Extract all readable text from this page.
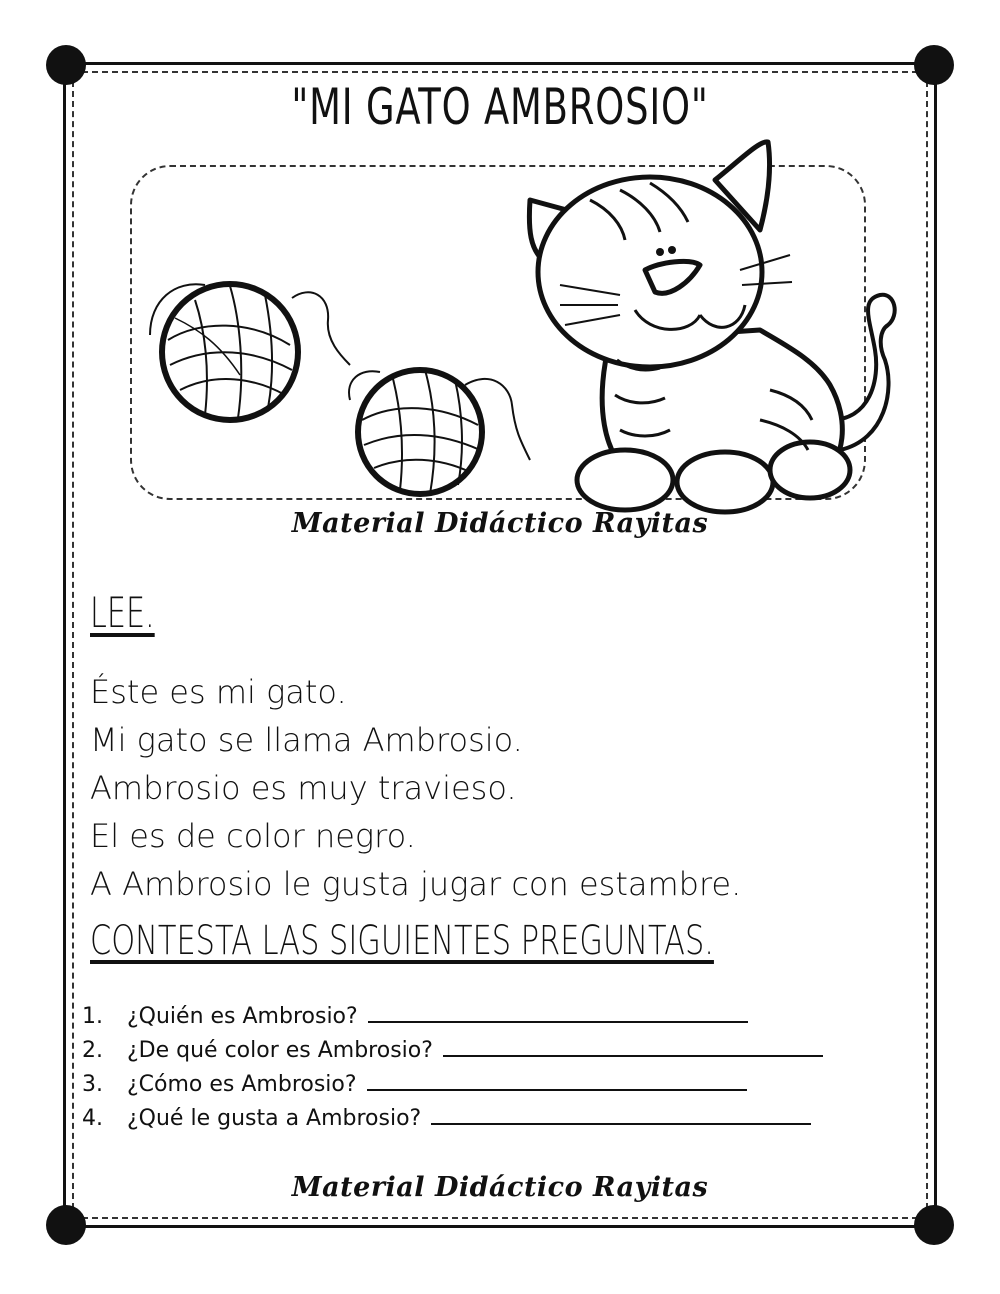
"MI GATO AMBROSIO"
Material Didáctico Rayitas
LEE.
Éste es mi gato.
Mi gato se llama Ambrosio.
Ambrosio es muy travieso.
El es de color negro.
A Ambrosio le gusta jugar con estambre.
CONTESTA LAS SIGUIENTES PREGUNTAS.
1.	¿Quién es Ambrosio?
2.	¿De qué color es Ambrosio?
3.	¿Cómo es Ambrosio?
4.	¿Qué le gusta a Ambrosio?
Material Didáctico Rayitas
